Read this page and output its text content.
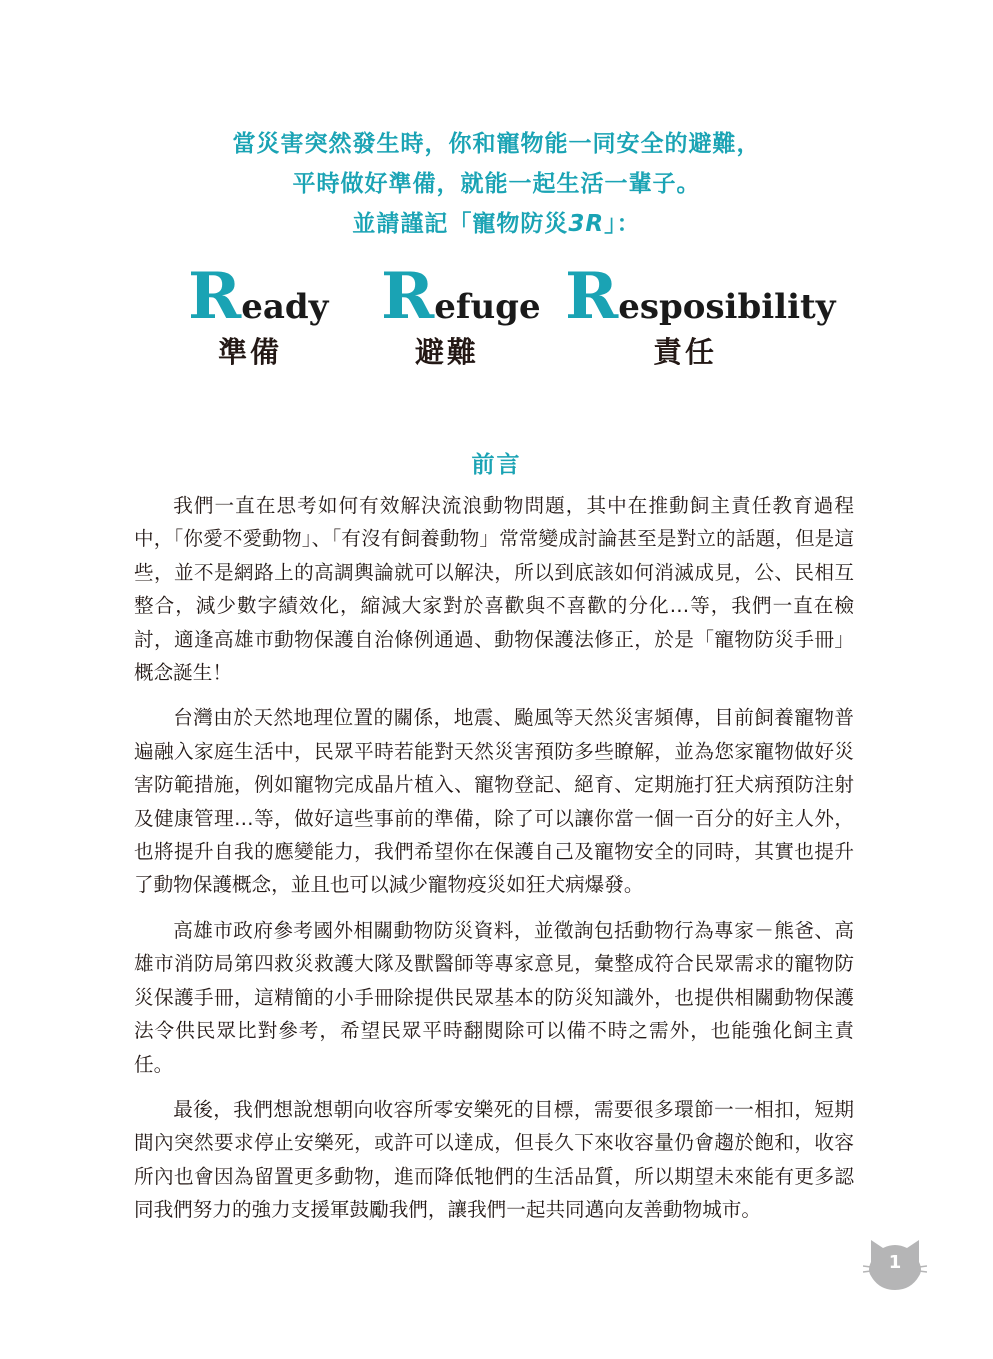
當災害突然發生時，你和寵物能一同安全的避難，
平時做好準備，就能一起生活一輩子。
並請謹記「寵物防災3R」：
Ready
準備
Refuge
避難
Resposibility
責任
前言

我們一直在思考如何有效解決流浪動物問題，其中在推動飼主責任教育過程中，「你愛不愛動物」、「有沒有飼養動物」常常變成討論甚至是對立的話題，但是這些，並不是網路上的高調輿論就可以解決，所以到底該如何消滅成見，公、民相互整合，減少數字績效化，縮減大家對於喜歡與不喜歡的分化…等，我們一直在檢討，適逢高雄市動物保護自治條例通過、動物保護法修正，於是「寵物防災手冊」概念誕生！

台灣由於天然地理位置的關係，地震、颱風等天然災害頻傳，目前飼養寵物普遍融入家庭生活中，民眾平時若能對天然災害預防多些瞭解，並為您家寵物做好災害防範措施，例如寵物完成晶片植入、寵物登記、絕育、定期施打狂犬病預防注射及健康管理…等，做好這些事前的準備，除了可以讓你當一個一百分的好主人外，也將提升自我的應變能力，我們希望你在保護自己及寵物安全的同時，其實也提升了動物保護概念，並且也可以減少寵物疫災如狂犬病爆發。

高雄市政府參考國外相關動物防災資料，並徵詢包括動物行為專家－熊爸、高雄市消防局第四救災救護大隊及獸醫師等專家意見，彙整成符合民眾需求的寵物防災保護手冊，這精簡的小手冊除提供民眾基本的防災知識外，也提供相關動物保護法令供民眾比對參考，希望民眾平時翻閱除可以備不時之需外，也能強化飼主責任。

最後，我們想說想朝向收容所零安樂死的目標，需要很多環節一一相扣，短期間內突然要求停止安樂死，或許可以達成，但長久下來收容量仍會趨於飽和，收容所內也會因為留置更多動物，進而降低牠們的生活品質，所以期望未來能有更多認同我們努力的強力支援軍鼓勵我們，讓我們一起共同邁向友善動物城市。

1
